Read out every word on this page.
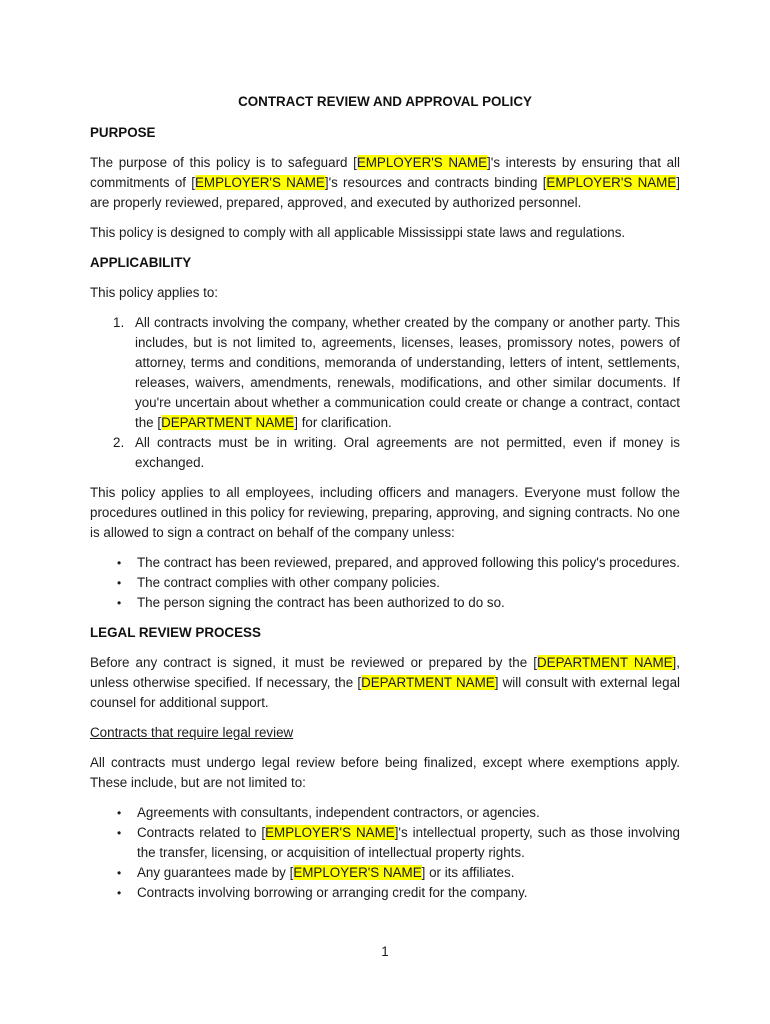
CONTRACT REVIEW AND APPROVAL POLICY
PURPOSE

The purpose of this policy is to safeguard [EMPLOYER'S NAME]'s interests by ensuring that all commitments of [EMPLOYER'S NAME]'s resources and contracts binding [EMPLOYER'S NAME] are properly reviewed, prepared, approved, and executed by authorized personnel.

This policy is designed to comply with all applicable Mississippi state laws and regulations.

APPLICABILITY

This policy applies to:

1. All contracts involving the company, whether created by the company or another party. This includes, but is not limited to, agreements, licenses, leases, promissory notes, powers of attorney, terms and conditions, memoranda of understanding, letters of intent, settlements, releases, waivers, amendments, renewals, modifications, and other similar documents. If you're uncertain about whether a communication could create or change a contract, contact the [DEPARTMENT NAME] for clarification.
2. All contracts must be in writing. Oral agreements are not permitted, even if money is exchanged.

This policy applies to all employees, including officers and managers. Everyone must follow the procedures outlined in this policy for reviewing, preparing, approving, and signing contracts. No one is allowed to sign a contract on behalf of the company unless:

•	The contract has been reviewed, prepared, and approved following this policy's procedures.
•	The contract complies with other company policies.
•	The person signing the contract has been authorized to do so.
LEGAL REVIEW PROCESS

Before any contract is signed, it must be reviewed or prepared by the [DEPARTMENT NAME], unless otherwise specified. If necessary, the [DEPARTMENT NAME] will consult with external legal counsel for additional support.

Contracts that require legal review

All contracts must undergo legal review before being finalized, except where exemptions apply. These include, but are not limited to:

•	Agreements with consultants, independent contractors, or agencies.
•	Contracts related to [EMPLOYER'S NAME]'s intellectual property, such as those involving the transfer, licensing, or acquisition of intellectual property rights.
•	Any guarantees made by [EMPLOYER'S NAME] or its affiliates.
•	Contracts involving borrowing or arranging credit for the company.
1
